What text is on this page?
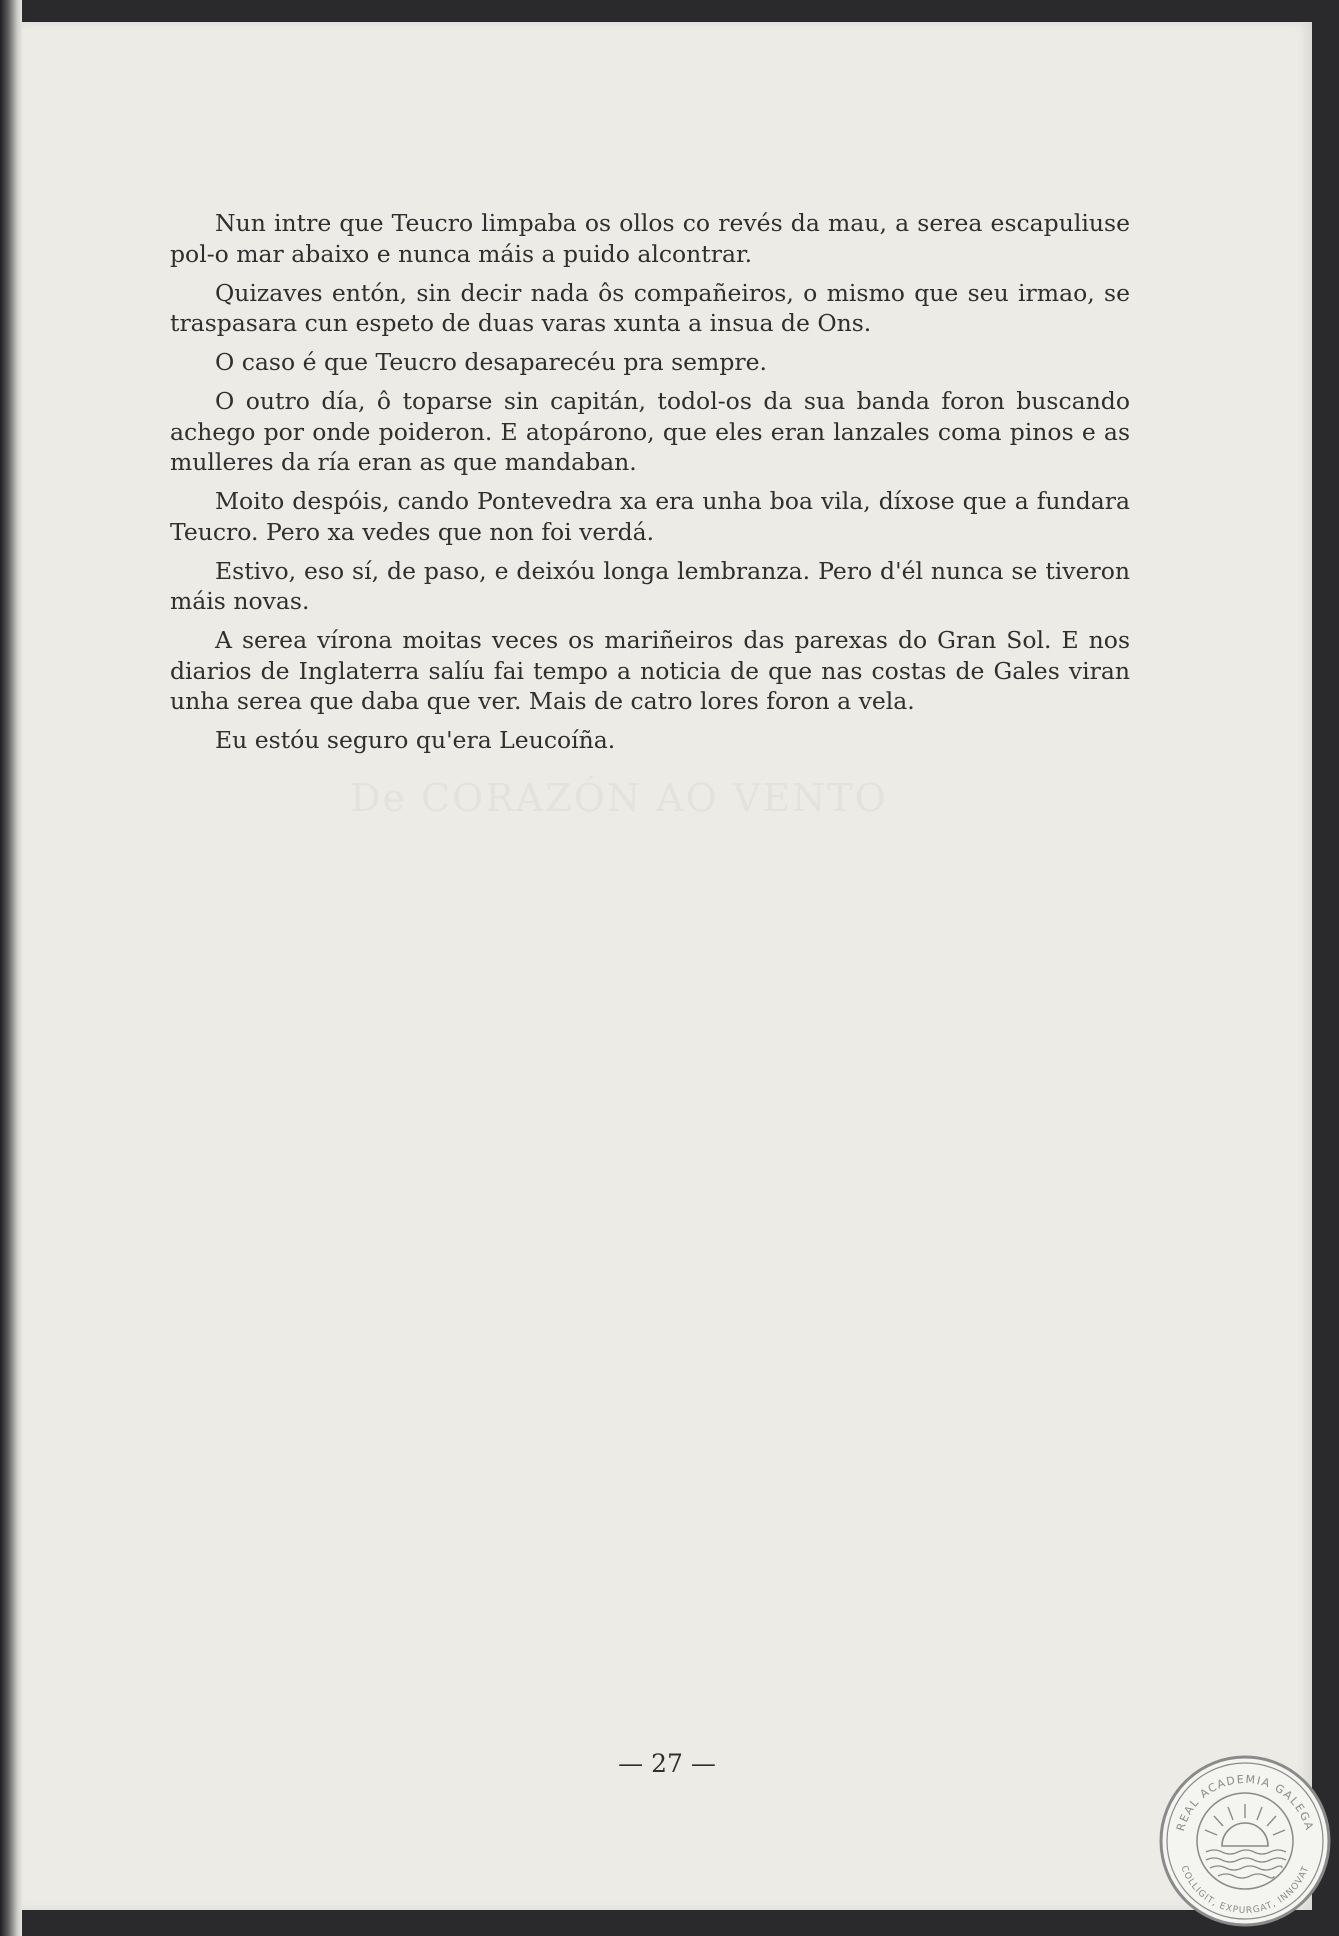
De CORAZÓN AO VENTO

Nun intre que Teucro limpaba os ollos co revés da mau, a serea escapuliuse pol-o mar abaixo e nunca máis a puido alcontrar.

Quizaves entón, sin decir nada ôs compañeiros, o mismo que seu irmao, se traspasara cun espeto de duas varas xunta a insua de Ons.

O caso é que Teucro desaparecéu pra sempre.

O outro día, ô toparse sin capitán, todol-os da sua banda foron buscando achego por onde poideron. E atopárono, que eles eran lanzales coma pinos e as mulleres da ría eran as que mandaban.

Moito despóis, cando Pontevedra xa era unha boa vila, díxose que a fundara Teucro. Pero xa vedes que non foi verdá.

Estivo, eso sí, de paso, e deixóu longa lembranza. Pero d'él nunca se tiveron máis novas.

A serea vírona moitas veces os mariñeiros das parexas do Gran Sol. E nos diarios de Inglaterra salíu fai tempo a noticia de que nas costas de Gales viran unha serea que daba que ver. Mais de catro lores foron a vela.

Eu estóu seguro qu'era Leucoíña.

— 27 —
REAL ACADEMIA GALEGA
COLLIGIT, EXPURGAT, INNOVAT
